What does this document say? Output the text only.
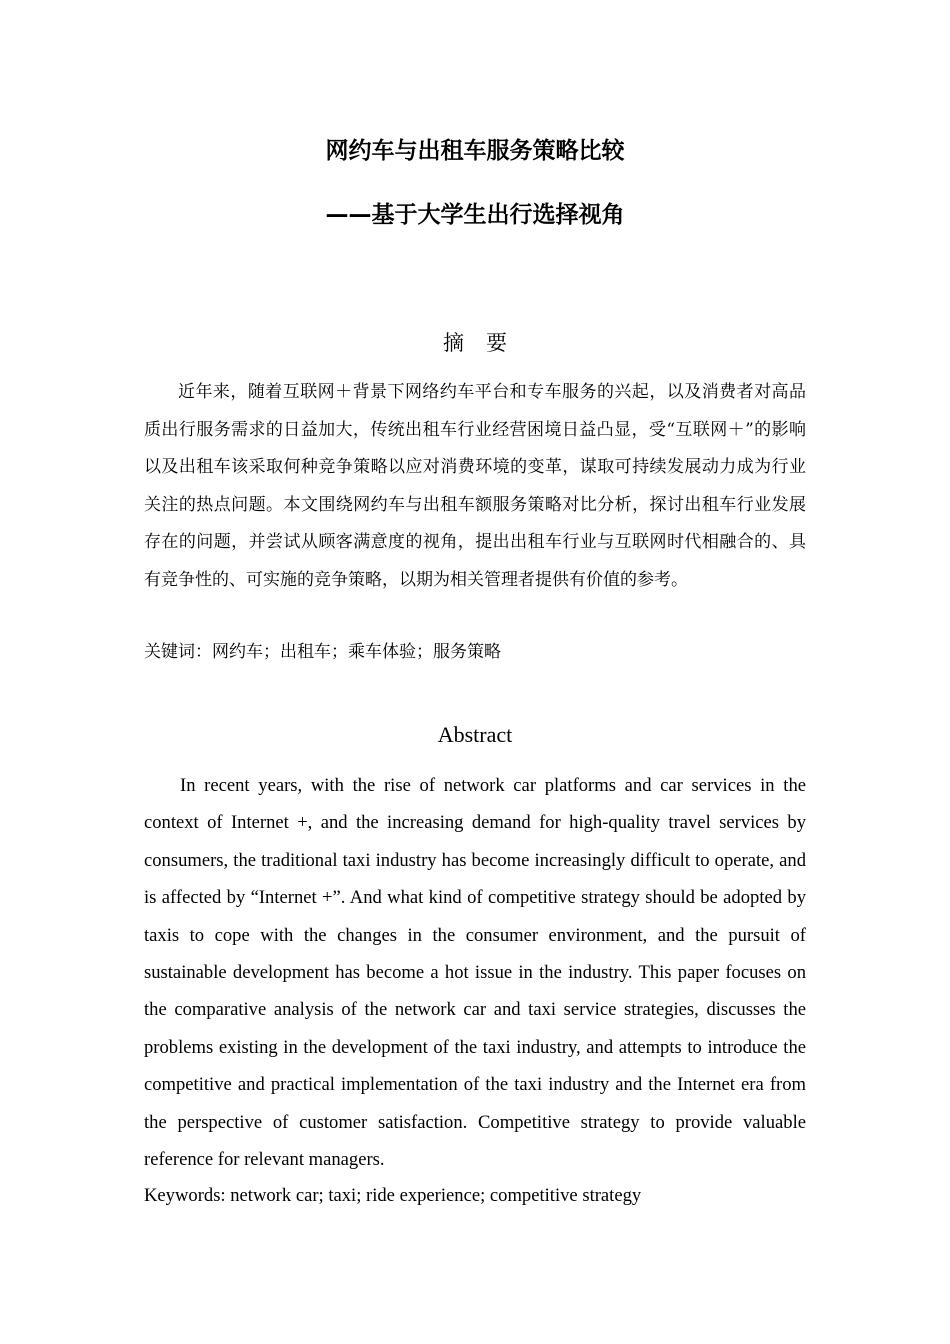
网约车与出租车服务策略比较
——基于大学生出行选择视角
摘要

近年来，随着互联网＋背景下网络约车平台和专车服务的兴起，以及消费者对高品质出行服务需求的日益加大，传统出租车行业经营困境日益凸显，受“互联网＋”的影响以及出租车该采取何种竞争策略以应对消费环境的变革，谋取可持续发展动力成为行业关注的热点问题。本文围绕网约车与出租车额服务策略对比分析，探讨出租车行业发展存在的问题，并尝试从顾客满意度的视角，提出出租车行业与互联网时代相融合的、具有竞争性的、可实施的竞争策略，以期为相关管理者提供有价值的参考。

关键词：网约车；出租车；乘车体验；服务策略
Abstract

In recent years, with the rise of network car platforms and car services in the context of Internet +, and the increasing demand for high-quality travel services by consumers, the traditional taxi industry has become increasingly difficult to operate, and is affected by “Internet +”. And what kind of competitive strategy should be adopted by taxis to cope with the changes in the consumer environment, and the pursuit of sustainable development has become a hot issue in the industry. This paper focuses on the comparative analysis of the network car and taxi service strategies, discusses the problems existing in the development of the taxi industry, and attempts to introduce the competitive and practical implementation of the taxi industry and the Internet era from the perspective of customer satisfaction. Competitive strategy to provide valuable reference for relevant managers.

Keywords: network car; taxi; ride experience; competitive strategy
